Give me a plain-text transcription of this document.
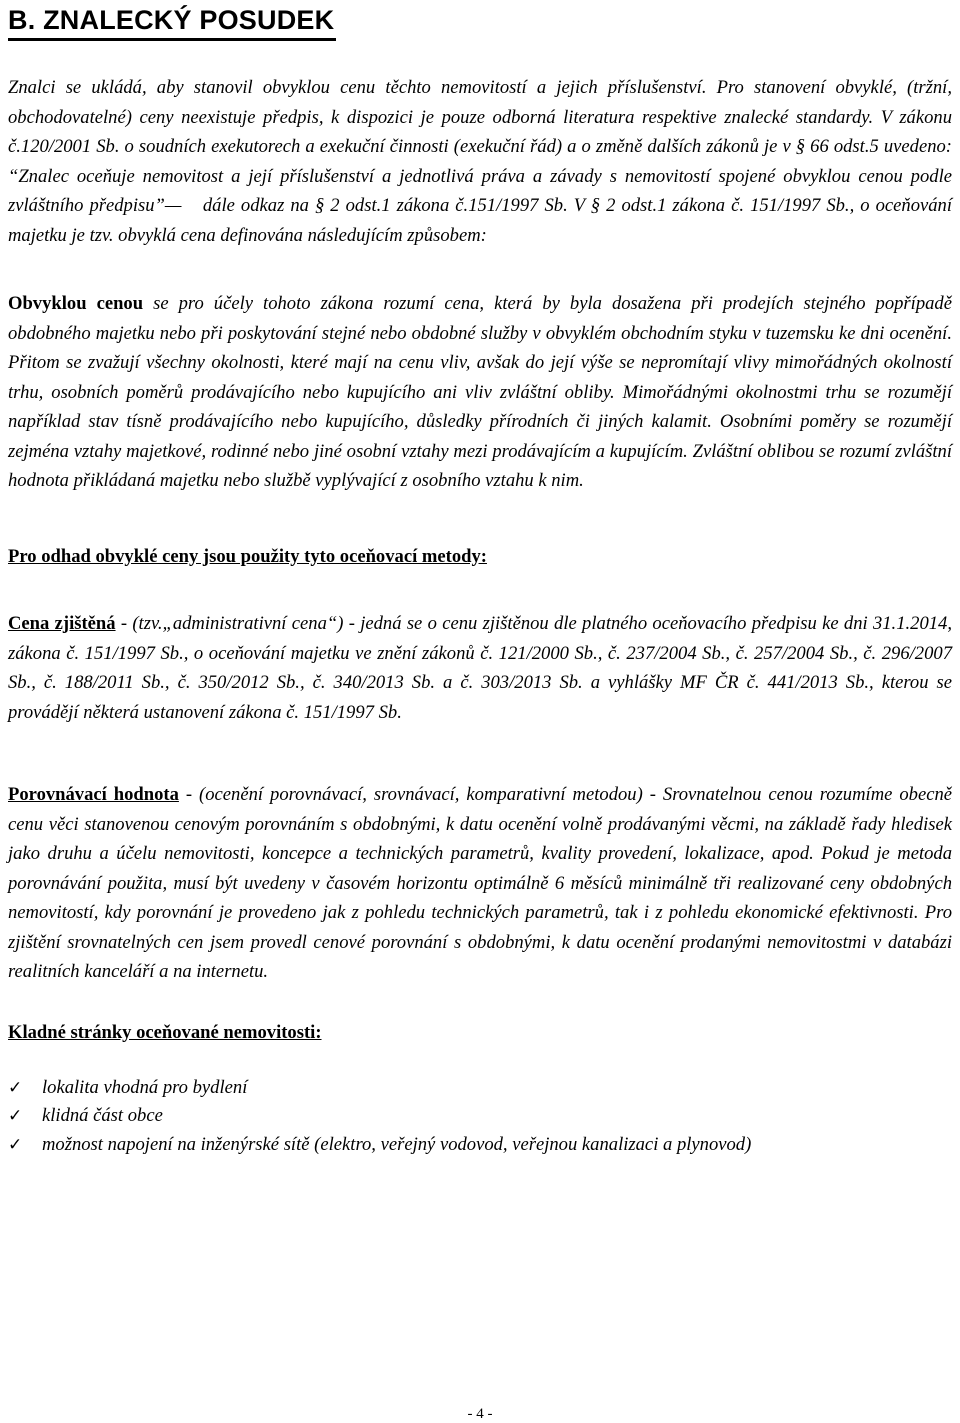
B. ZNALECKÝ POSUDEK

Znalci se ukládá, aby stanovil obvyklou cenu těchto nemovitostí a jejich příslušenství. Pro stanovení obvyklé, (tržní, obchodovatelné) ceny neexistuje předpis, k dispozici je pouze odborná literatura respektive znalecké standardy. V zákonu č.120/2001 Sb. o soudních exekutorech a exekuční činnosti (exekuční řád) a o změně dalších zákonů je v § 66 odst.5 uvedeno: “Znalec oceňuje nemovitost a její příslušenství a jednotlivá práva a závady s nemovitostí spojené obvyklou cenou podle zvláštního předpisu”—dále odkaz na § 2 odst.1 zákona č.151/1997 Sb. V § 2 odst.1 zákona č. 151/1997 Sb., o oceňování majetku je tzv. obvyklá cena definována následujícím způsobem:

Obvyklou cenou se pro účely tohoto zákona rozumí cena, která by byla dosažena při prodejích stejného popřípadě obdobného majetku nebo při poskytování stejné nebo obdobné služby v obvyklém obchodním styku v tuzemsku ke dni ocenění. Přitom se zvažují všechny okolnosti, které mají na cenu vliv, avšak do její výše se nepromítají vlivy mimořádných okolností trhu, osobních poměrů prodávajícího nebo kupujícího ani vliv zvláštní obliby. Mimořádnými okolnostmi trhu se rozumějí například stav tísně prodávajícího nebo kupujícího, důsledky přírodních či jiných kalamit. Osobními poměry se rozumějí zejména vztahy majetkové, rodinné nebo jiné osobní vztahy mezi prodávajícím a kupujícím. Zvláštní oblibou se rozumí zvláštní hodnota přikládaná majetku nebo službě vyplývající z osobního vztahu k nim.

Pro odhad obvyklé ceny jsou použity tyto oceňovací metody:

Cena zjištěná - (tzv.„administrativní cena“) - jedná se o cenu zjištěnou dle platného oceňovacího předpisu ke dni 31.1.2014, zákona č. 151/1997 Sb., o oceňování majetku ve znění zákonů č. 121/2000 Sb., č. 237/2004 Sb., č. 257/2004 Sb., č. 296/2007 Sb., č. 188/2011 Sb., č. 350/2012 Sb., č. 340/2013 Sb. a č. 303/2013 Sb. a vyhlášky MF ČR č. 441/2013 Sb., kterou se provádějí některá ustanovení zákona č. 151/1997 Sb.

Porovnávací hodnota - (ocenění porovnávací, srovnávací, komparativní metodou) - Srovnatelnou cenou rozumíme obecně cenu věci stanovenou cenovým porovnáním s obdobnými, k datu ocenění volně prodávanými věcmi, na základě řady hledisek jako druhu a účelu nemovitosti, koncepce a technických parametrů, kvality provedení, lokalizace, apod. Pokud je metoda porovnávání použita, musí být uvedeny v časovém horizontu optimálně 6 měsíců minimálně tři realizované ceny obdobných nemovitostí, kdy porovnání je provedeno jak z pohledu technických parametrů, tak i z pohledu ekonomické efektivnosti. Pro zjištění srovnatelných cen jsem provedl cenové porovnání s obdobnými, k datu ocenění prodanými nemovitostmi v databázi realitních kanceláří a na internetu.

Kladné stránky oceňované nemovitosti:
✓	lokalita vhodná pro bydlení
✓	klidná část obce
✓	možnost napojení na inženýrské sítě (elektro, veřejný vodovod, veřejnou kanalizaci a plynovod)
- 4 -
